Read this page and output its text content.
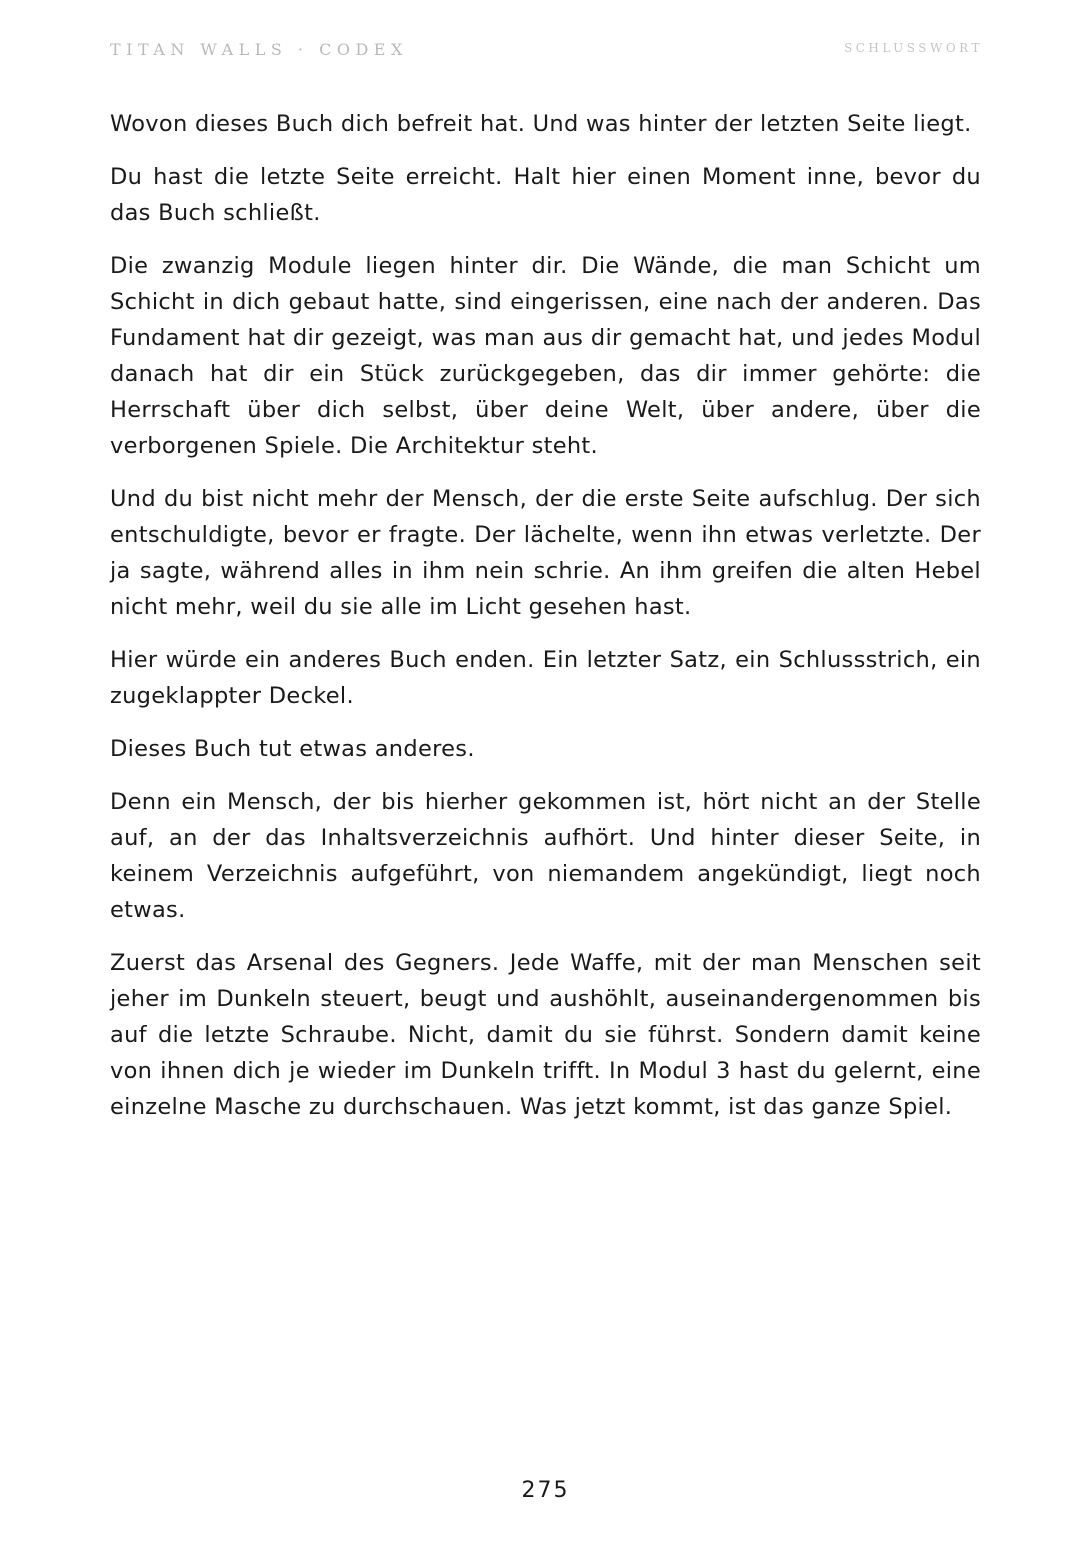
TITAN WALLS · CODEX	SCHLUSSWORT

Wovon dieses Buch dich befreit hat. Und was hinter der letzten Seite liegt.

Du hast die letzte Seite erreicht. Halt hier einen Moment inne, bevor du das Buch schließt.

Die zwanzig Module liegen hinter dir. Die Wände, die man Schicht um Schicht in dich gebaut hatte, sind eingerissen, eine nach der anderen. Das Fundament hat dir gezeigt, was man aus dir gemacht hat, und jedes Modul danach hat dir ein Stück zurückgegeben, das dir immer gehörte: die Herrschaft über dich selbst, über deine Welt, über andere, über die verborgenen Spiele. Die Architektur steht.

Und du bist nicht mehr der Mensch, der die erste Seite aufschlug. Der sich entschuldigte, bevor er fragte. Der lächelte, wenn ihn etwas verletzte. Der ja sagte, während alles in ihm nein schrie. An ihm greifen die alten Hebel nicht mehr, weil du sie alle im Licht gesehen hast.

Hier würde ein anderes Buch enden. Ein letzter Satz, ein Schlussstrich, ein zugeklappter Deckel.

Dieses Buch tut etwas anderes.

Denn ein Mensch, der bis hierher gekommen ist, hört nicht an der Stelle auf, an der das Inhaltsverzeichnis aufhört. Und hinter dieser Seite, in keinem Verzeichnis aufgeführt, von niemandem angekündigt, liegt noch etwas.

Zuerst das Arsenal des Gegners. Jede Waffe, mit der man Menschen seit jeher im Dunkeln steuert, beugt und aushöhlt, auseinandergenommen bis auf die letzte Schraube. Nicht, damit du sie führst. Sondern damit keine von ihnen dich je wieder im Dunkeln trifft. In Modul 3 hast du gelernt, eine einzelne Masche zu durchschauen. Was jetzt kommt, ist das ganze Spiel.

275
